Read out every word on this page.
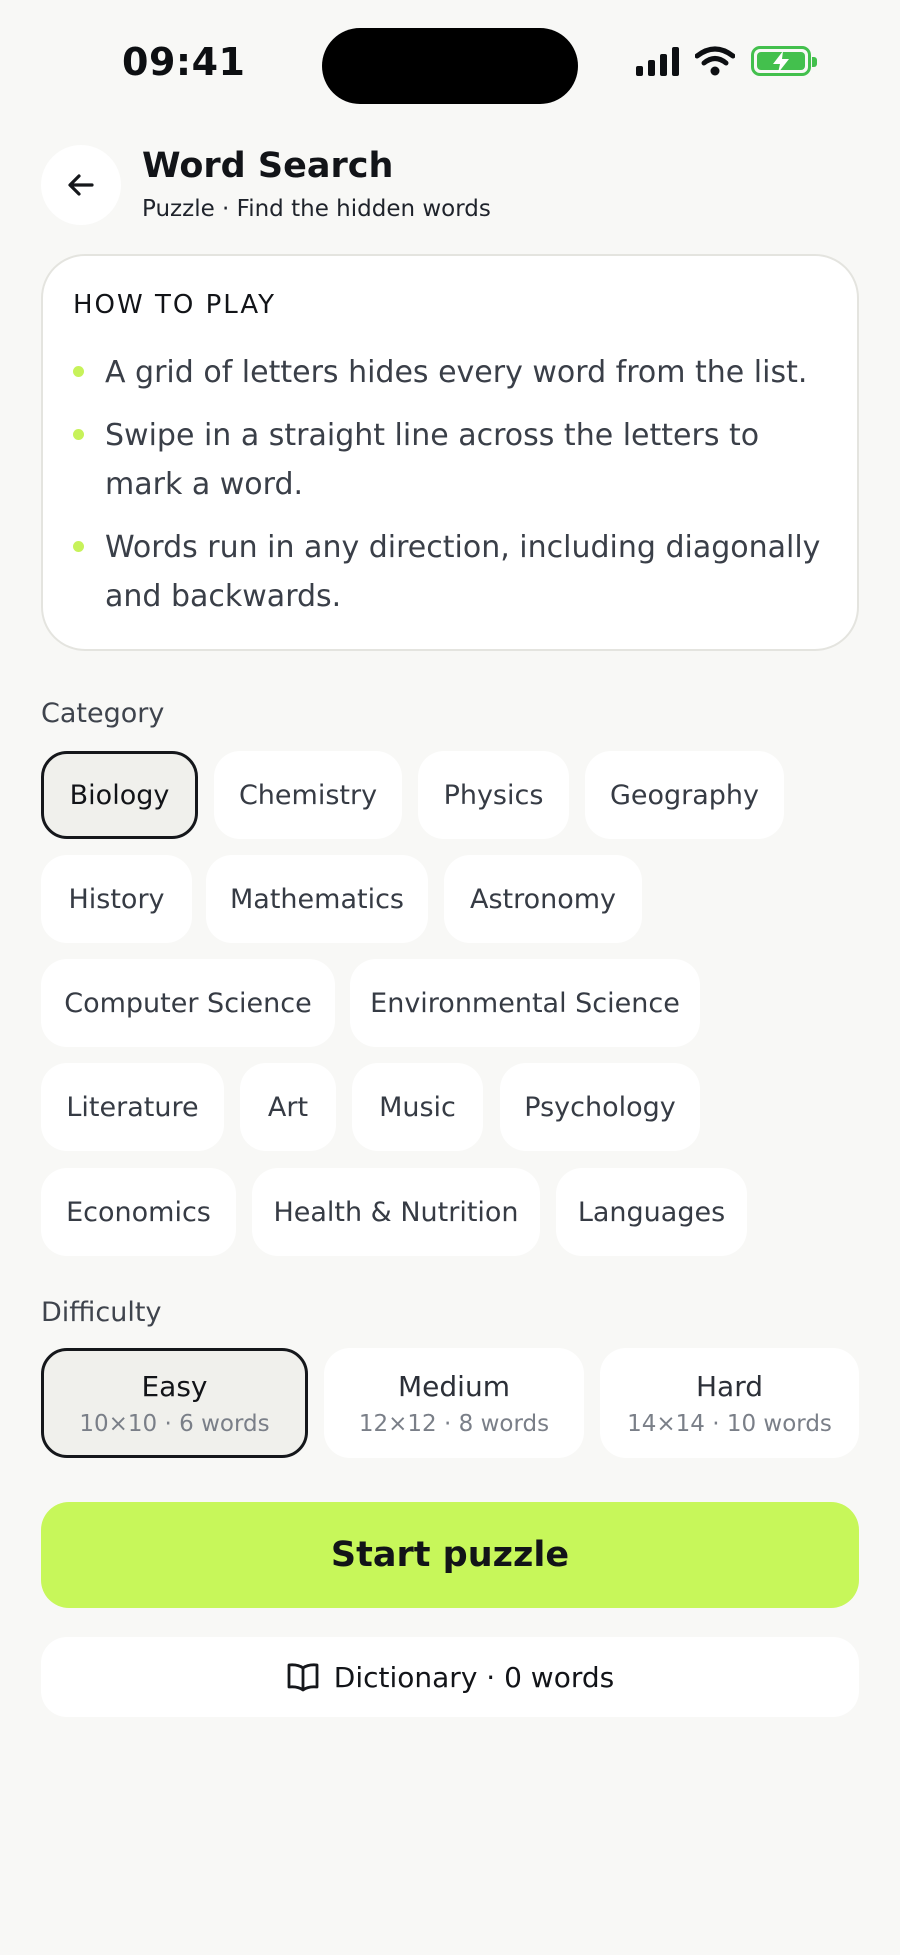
09:41
Word Search
Puzzle · Find the hidden words
HOW TO PLAY
A grid of letters hides every word from the list.
Swipe in a straight line across the letters to mark a word.
Words run in any direction, including diagonally and backwards.
Category
Biology	Chemistry	Physics	Geography
History	Mathematics	Astronomy
Computer Science	Environmental Science
Literature	Art	Music	Psychology
Economics	Health & Nutrition	Languages
Difficulty
Easy
10×10 · 6 words
Medium
12×12 · 8 words
Hard
14×14 · 10 words
Start puzzle
Dictionary · 0 words
